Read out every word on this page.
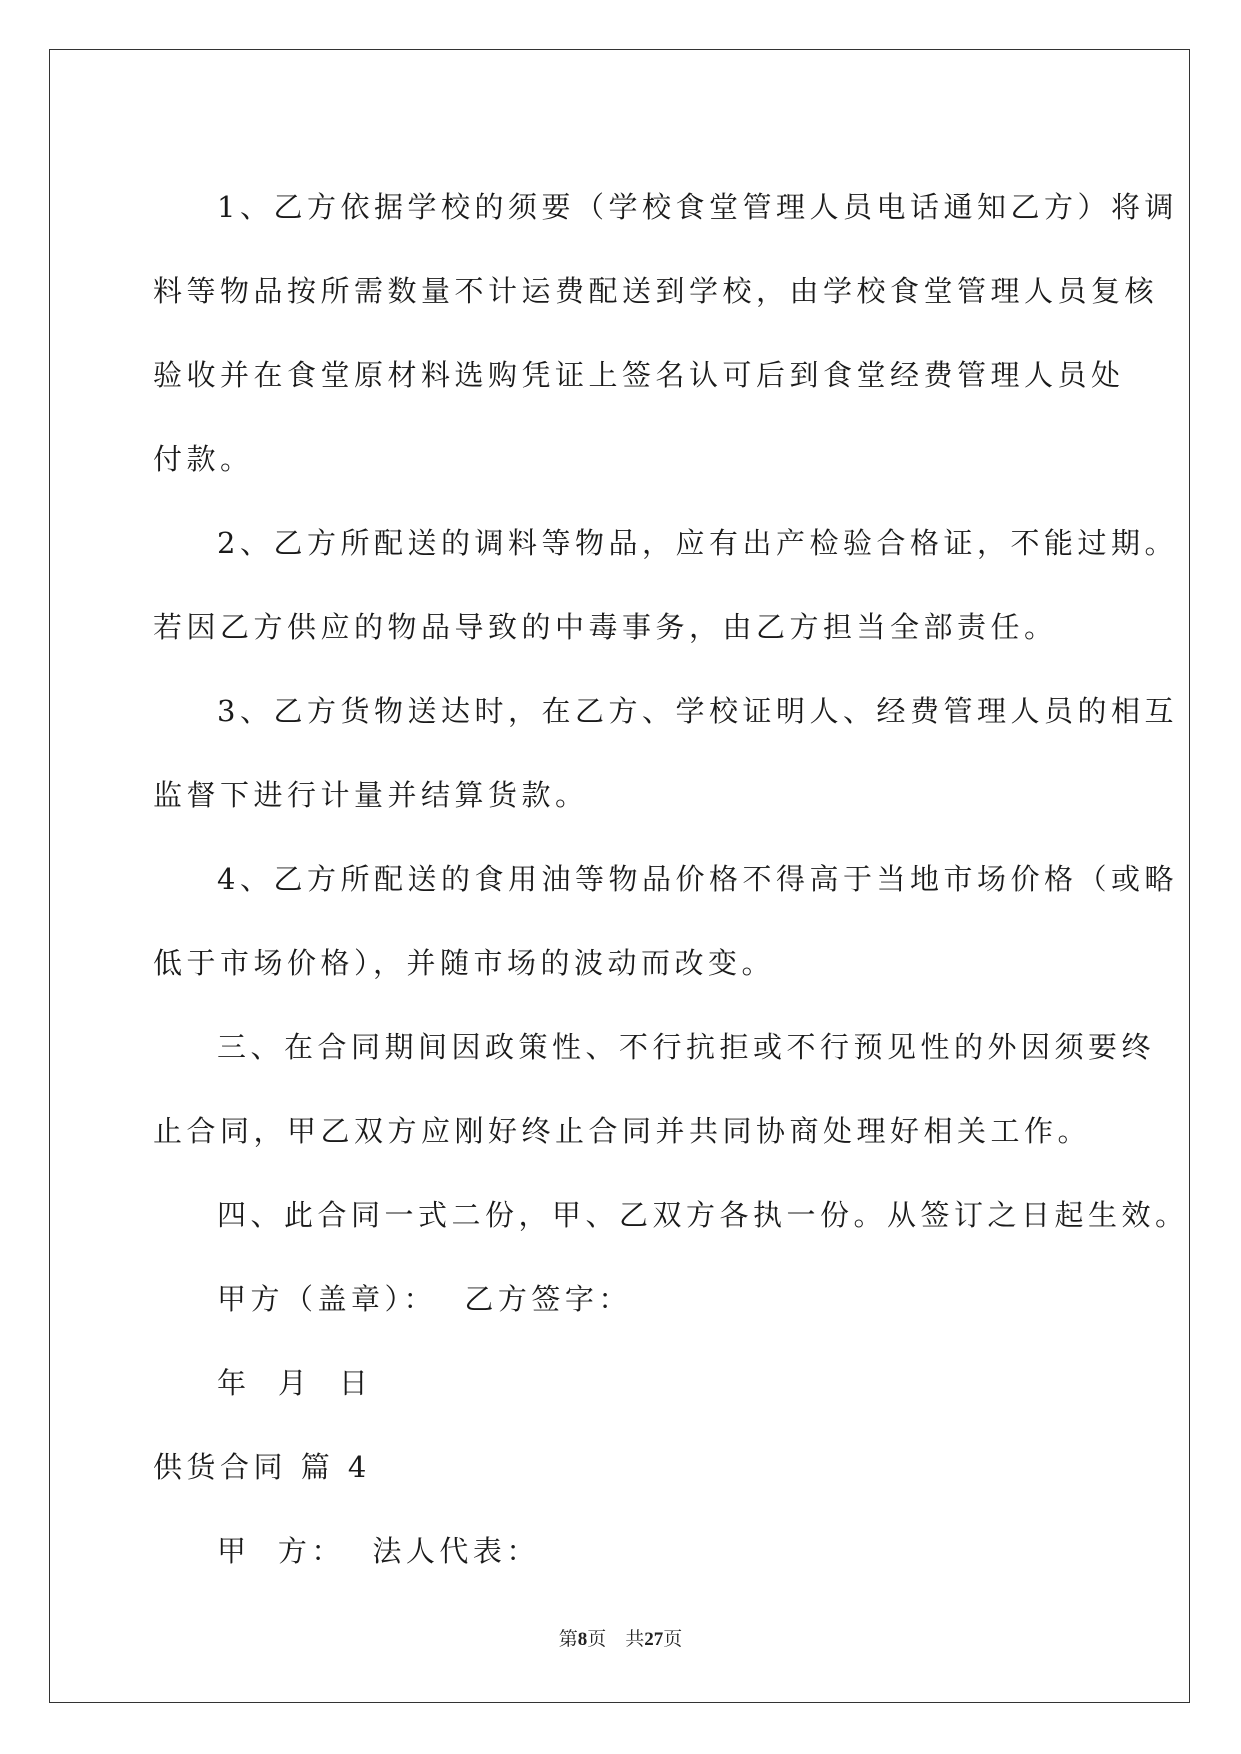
1、乙方依据学校的须要（学校食堂管理人员电话通知乙方）将调

料等物品按所需数量不计运费配送到学校，由学校食堂管理人员复核

验收并在食堂原材料选购凭证上签名认可后到食堂经费管理人员处

付款。

2、乙方所配送的调料等物品，应有出产检验合格证，不能过期。

若因乙方供应的物品导致的中毒事务，由乙方担当全部责任。

3、乙方货物送达时，在乙方、学校证明人、经费管理人员的相互

监督下进行计量并结算货款。

4、乙方所配送的食用油等物品价格不得高于当地市场价格（或略

低于市场价格），并随市场的波动而改变。

三、在合同期间因政策性、不行抗拒或不行预见性的外因须要终

止合同，甲乙双方应刚好终止合同并共同协商处理好相关工作。

四、此合同一式二份，甲、乙双方各执一份。从签订之日起生效。

甲方（盖章）：  乙方签字：

年  月  日

供货合同 篇 4

甲  方：  法人代表：

第8页    共27页
